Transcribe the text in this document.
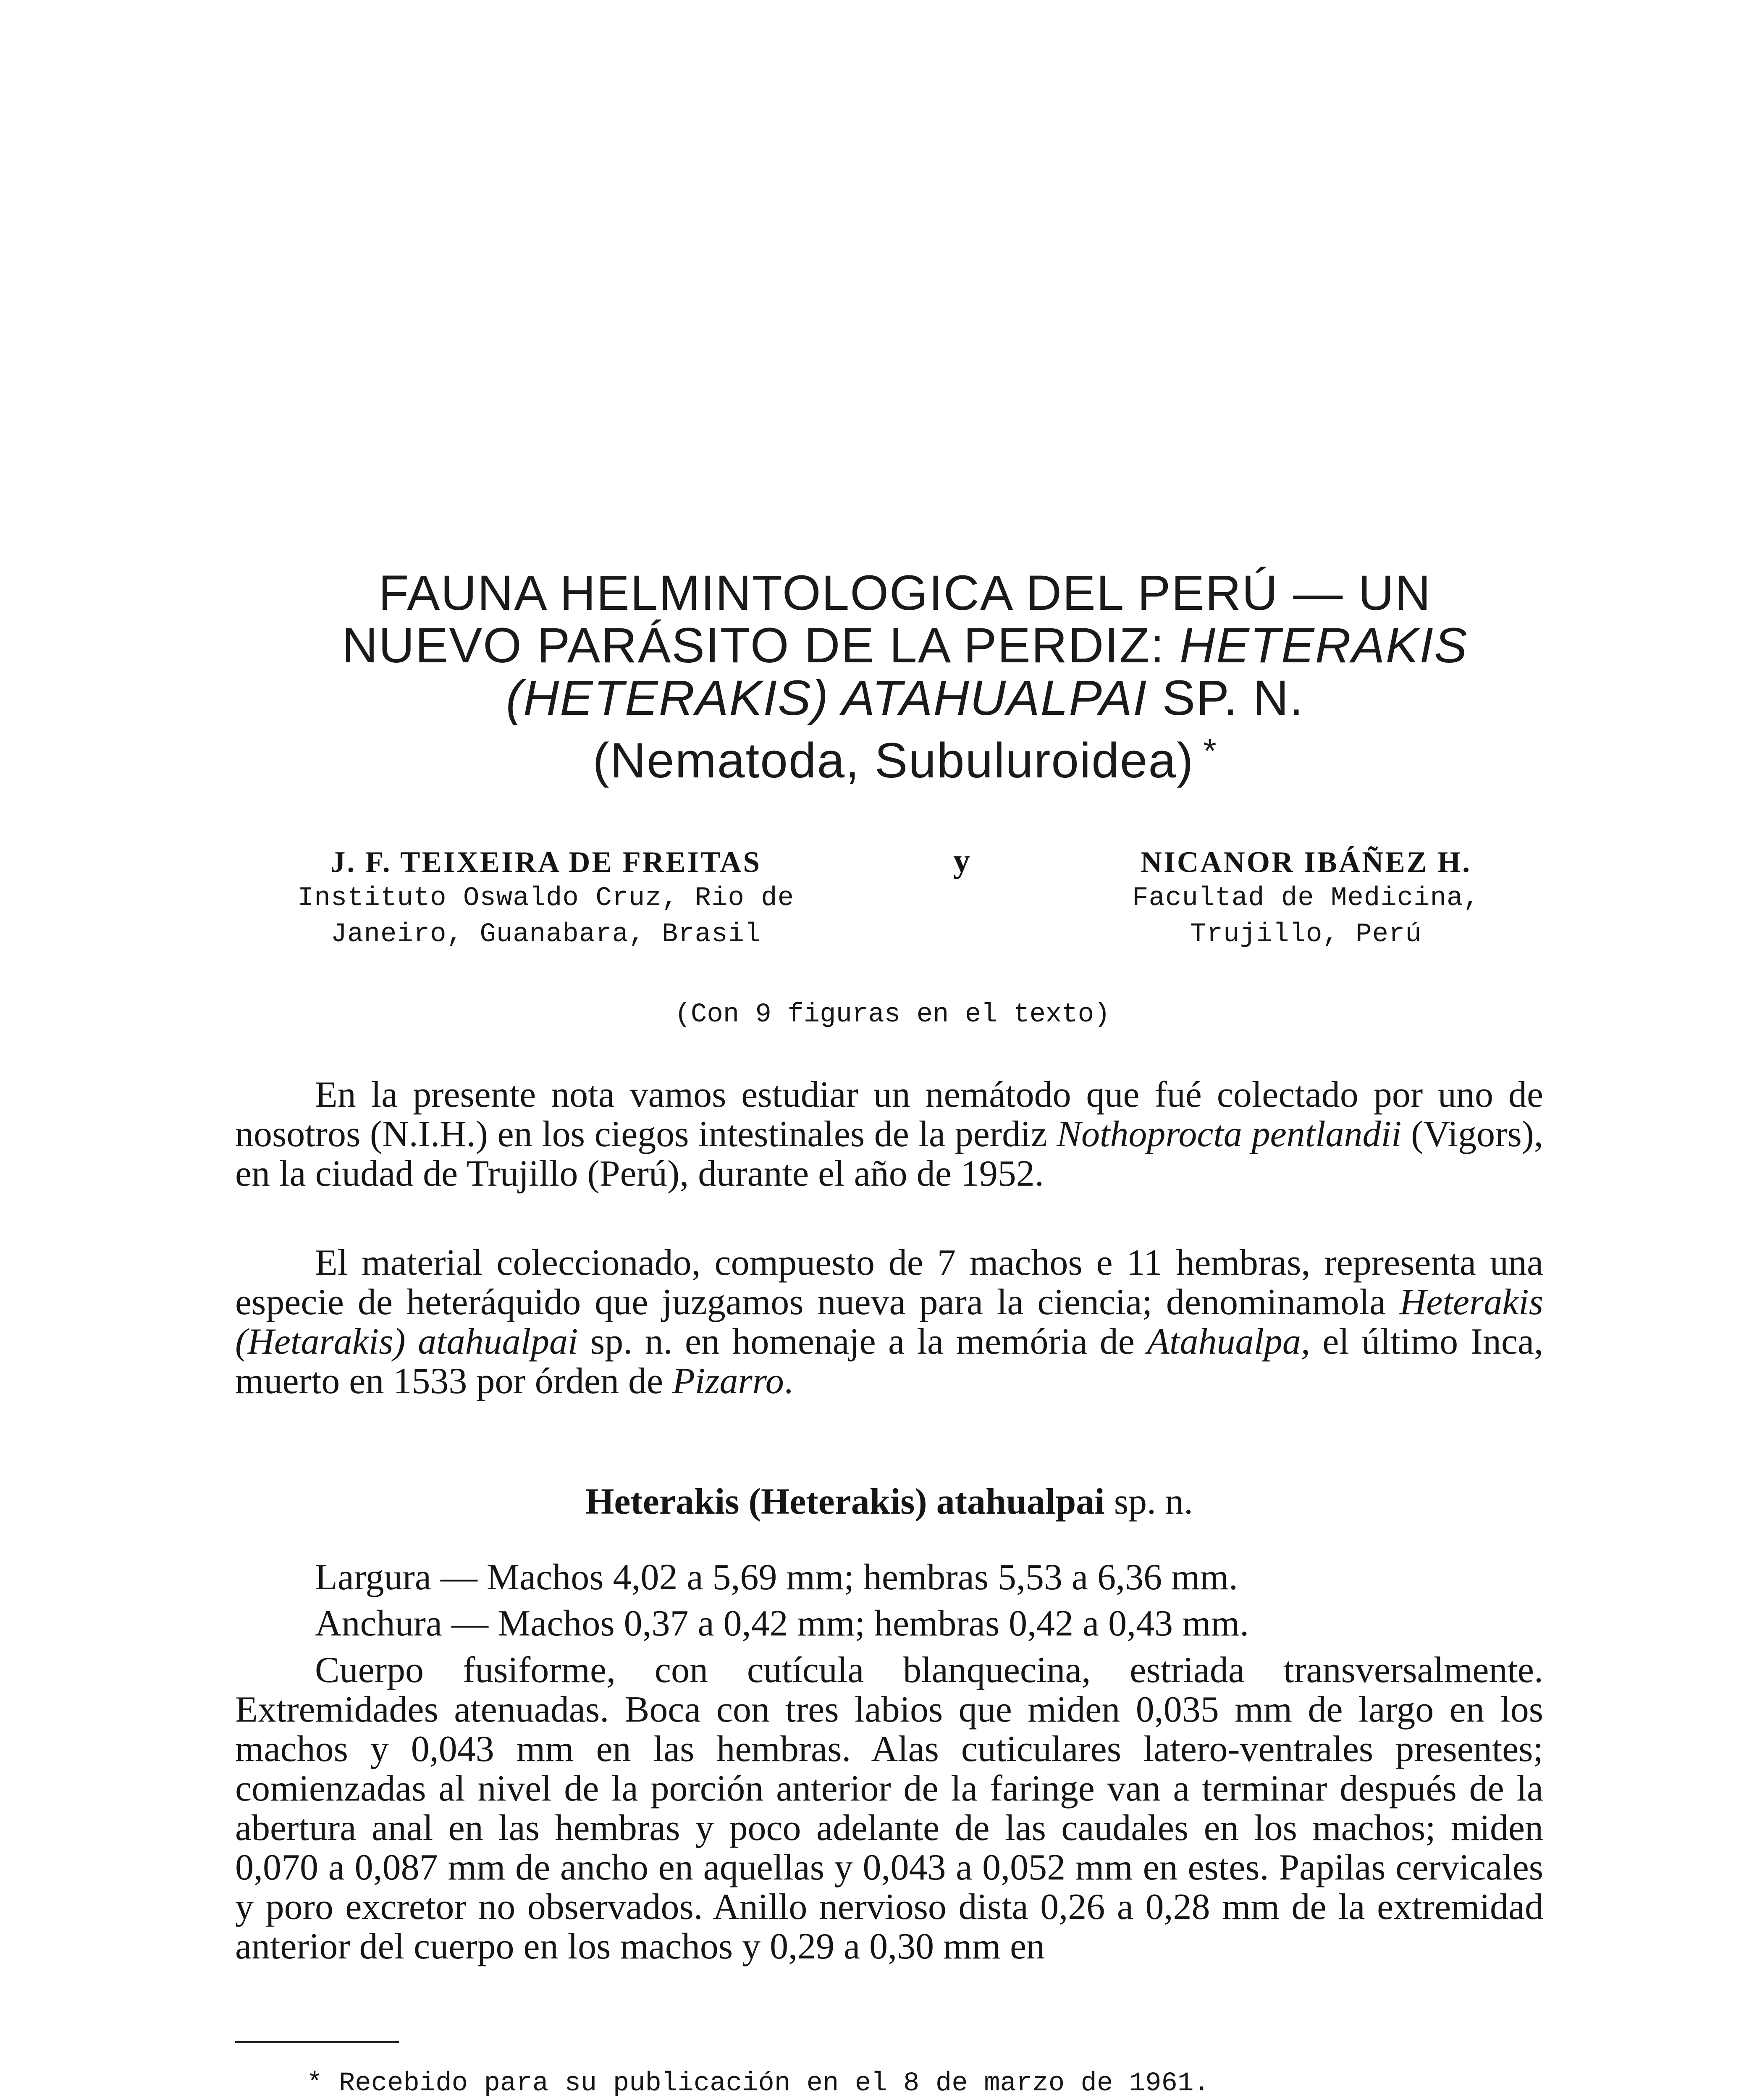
FAUNA HELMINTOLOGICA DEL PERÚ — UN
NUEVO PARÁSITO DE LA PERDIZ: HETERAKIS
(HETERAKIS) ATAHUALPAI SP. N.
(Nematoda, Subuluroidea) *
J. F. TEIXEIRA DE FREITAS
Instituto Oswaldo Cruz, Rio de
Janeiro, Guanabara, Brasil
y	NICANOR IBÁÑEZ H.
Facultad de Medicina,
Trujillo, Perú
(Con 9 figuras en el texto)

En la presente nota vamos estudiar un nemátodo que fué colectado por uno de nosotros (N.I.H.) en los ciegos intestinales de la perdiz Nothoprocta pentlandii (Vigors), en la ciudad de Trujillo (Perú), durante el año de 1952.

El material coleccionado, compuesto de 7 machos e 11 hembras, representa una especie de heteráquido que juzgamos nueva para la ciencia; denominamola Heterakis (Hetarakis) atahualpai sp. n. en homenaje a la memória de Atahualpa, el último Inca, muerto en 1533 por órden de Pizarro.

Heterakis (Heterakis) atahualpai sp. n.
Largura — Machos 4,02 a 5,69 mm; hembras 5,53 a 6,36 mm.
Anchura — Machos 0,37 a 0,42 mm; hembras 0,42 a 0,43 mm.

Cuerpo fusiforme, con cutícula blanquecina, estriada transversalmente. Extremidades atenuadas. Boca con tres labios que miden 0,035 mm de largo en los machos y 0,043 mm en las hembras. Alas cuticulares latero-ventrales presentes; comienzadas al nivel de la porción anterior de la faringe van a terminar después de la abertura anal en las hembras y poco adelante de las caudales en los machos; miden 0,070 a 0,087 mm de ancho en aquellas y 0,043 a 0,052 mm en estes. Papilas cervicales y poro excretor no observados. Anillo nervioso dista 0,26 a 0,28 mm de la extremidad anterior del cuerpo en los machos y 0,29 a 0,30 mm en

* Recebido para su publicación en el 8 de marzo de 1961.
